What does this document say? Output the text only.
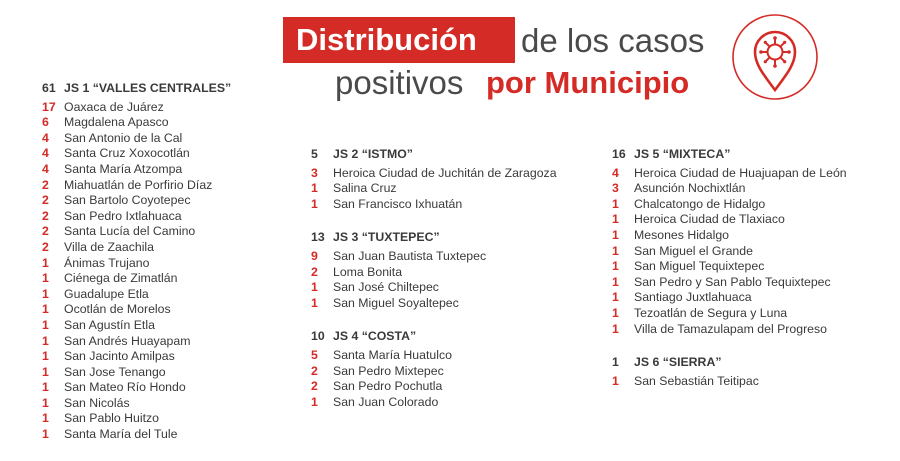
Distribución de los casos
positivos por Municipio
61 JS 1 “VALLES CENTRALES”
17 Oaxaca de Juárez
6	Magdalena Apasco
4	San Antonio de la Cal
4	Santa Cruz Xoxocotlán
4	Santa María Atzompa
2	Miahuatlán de Porfirio Díaz
2	San Bartolo Coyotepec
2	San Pedro Ixtlahuaca
2	Santa Lucía del Camino
2	Villa de Zaachila
1	Ánimas Trujano
1	Ciénega de Zimatlán
1	Guadalupe Etla
1	Ocotlán de Morelos
1	San Agustín Etla
1	San Andrés Huayapam
1	San Jacinto Amilpas
1	San Jose Tenango
1	San Mateo Río Hondo
1	San Nicolás
1	San Pablo Huitzo
1	Santa María del Tule
5	JS 2 “ISTMO”
3	Heroica Ciudad de Juchitán de Zaragoza
1	Salina Cruz
1	San Francisco Ixhuatán
13 JS 3 “TUXTEPEC”
9	San Juan Bautista Tuxtepec
2	Loma Bonita
1	San José Chiltepec
1	San Miguel Soyaltepec
10 JS 4 “COSTA”
5	Santa María Huatulco
2	San Pedro Mixtepec
2	San Pedro Pochutla
1	San Juan Colorado
16 JS 5 “MIXTECA”
4	Heroica Ciudad de Huajuapan de León
3	Asunción Nochixtlán
1	Chalcatongo de Hidalgo
1	Heroica Ciudad de Tlaxiaco
1	Mesones Hidalgo
1	San Miguel el Grande
1	San Miguel Tequixtepec
1	San Pedro y San Pablo Tequixtepec
1	Santiago Juxtlahuaca
1	Tezoatlán de Segura y Luna
1	Villa de Tamazulapam del Progreso
1	JS 6 “SIERRA”
1	San Sebastián Teitipac
